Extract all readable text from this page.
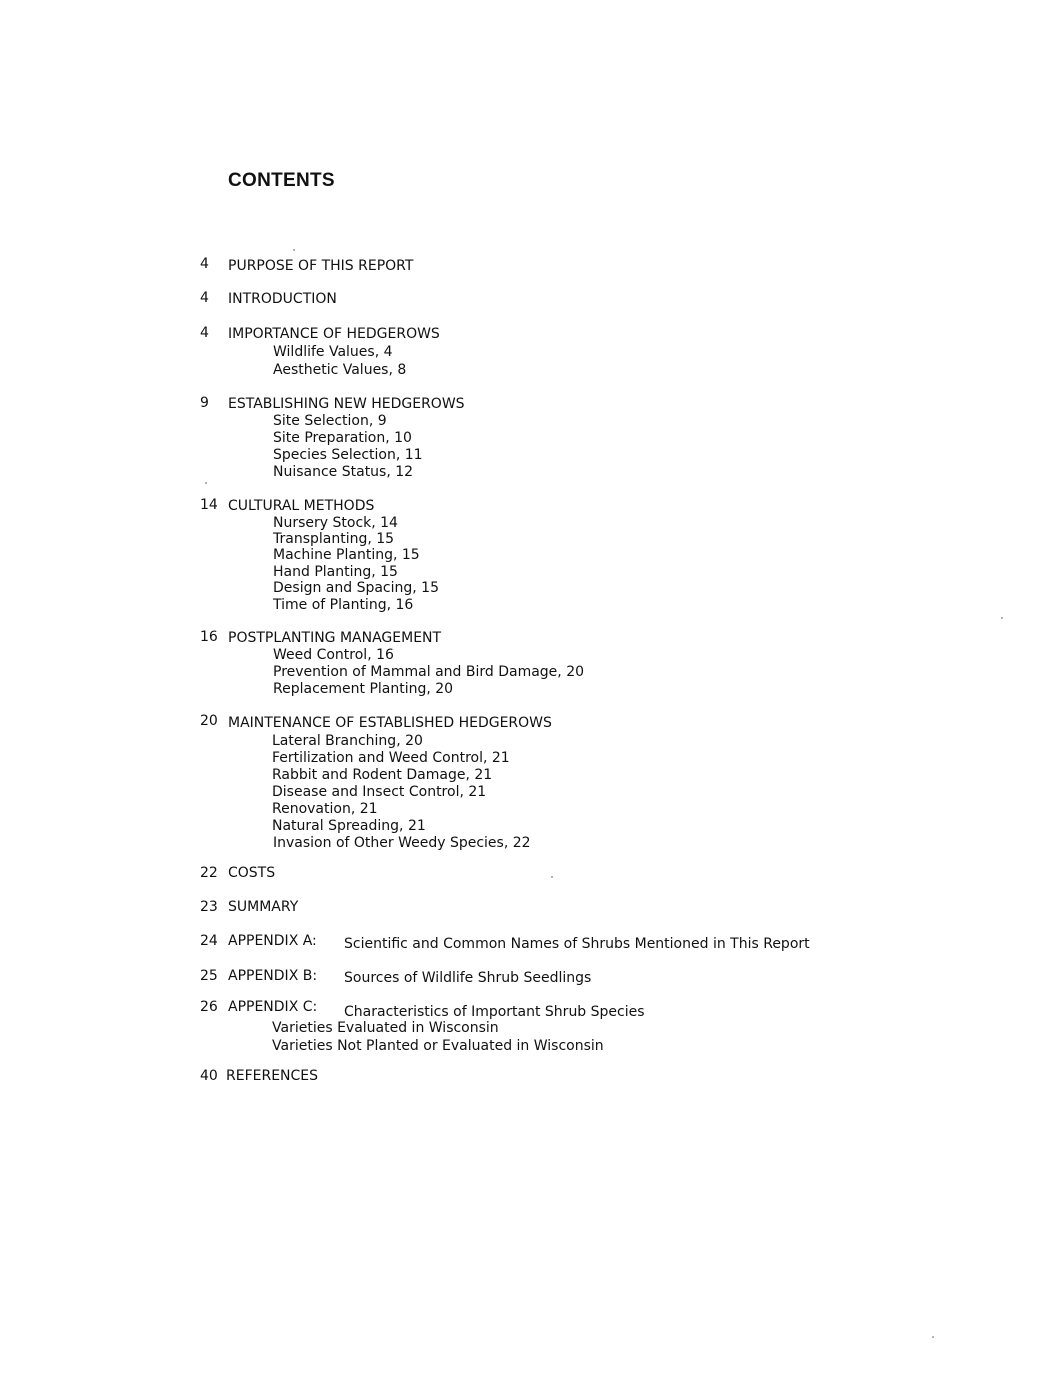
CONTENTS
4	PURPOSE OF THIS REPORT
4	INTRODUCTION
4	IMPORTANCE OF HEDGEROWS
Wildlife Values, 4
Aesthetic Values, 8
9	ESTABLISHING NEW HEDGEROWS
Site Selection, 9
Site Preparation, 10
Species Selection, 11
Nuisance Status, 12
14 CULTURAL METHODS
Nursery Stock, 14
Transplanting, 15
Machine Planting, 15
Hand Planting, 15
Design and Spacing, 15
Time of Planting, 16
16 POSTPLANTING MANAGEMENT
Weed Control, 16
Prevention of Mammal and Bird Damage, 20
Replacement Planting, 20
20 MAINTENANCE OF ESTABLISHED HEDGEROWS
Lateral Branching, 20
Fertilization and Weed Control, 21
Rabbit and Rodent Damage, 21
Disease and Insect Control, 21
Renovation, 21
Natural Spreading, 21
Invasion of Other Weedy Species, 22
22 COSTS
23 SUMMARY
24 APPENDIX A: Scientific and Common Names of Shrubs Mentioned in This Report
25 APPENDIX B: Sources of Wildlife Shrub Seedlings
26 APPENDIX C: Characteristics of Important Shrub Species
Varieties Evaluated in Wisconsin
Varieties Not Planted or Evaluated in Wisconsin
40 REFERENCES
